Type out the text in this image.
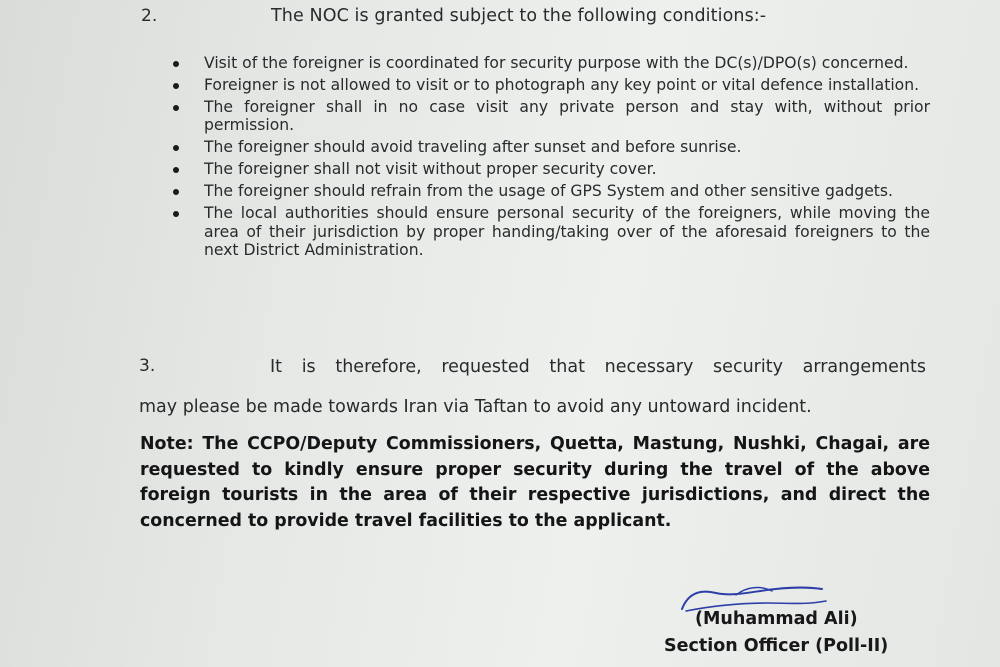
2.	The NOC is granted subject to the following conditions:-
Visit of the foreigner is coordinated for security purpose with the DC(s)/DPO(s) concerned.
Foreigner is not allowed to visit or to photograph any key point or vital defence installation.
The foreigner shall in no case visit any private person and stay with, without prior permission.
The foreigner should avoid traveling after sunset and before sunrise.
The foreigner shall not visit without proper security cover.
The foreigner should refrain from the usage of GPS System and other sensitive gadgets.
The local authorities should ensure personal security of the foreigners, while moving the area of their jurisdiction by proper handing/taking over of the aforesaid foreigners to the next District Administration.
3.	It is therefore, requested that necessary security arrangements
may please be made towards Iran via Taftan to avoid any untoward incident.
Note: The CCPO/Deputy Commissioners, Quetta, Mastung, Nushki, Chagai, are requested to kindly ensure proper security during the travel of the above foreign tourists in the area of their respective jurisdictions, and direct the concerned to provide travel facilities to the applicant.
(Muhammad Ali)
Section Officer (Poll-II)
